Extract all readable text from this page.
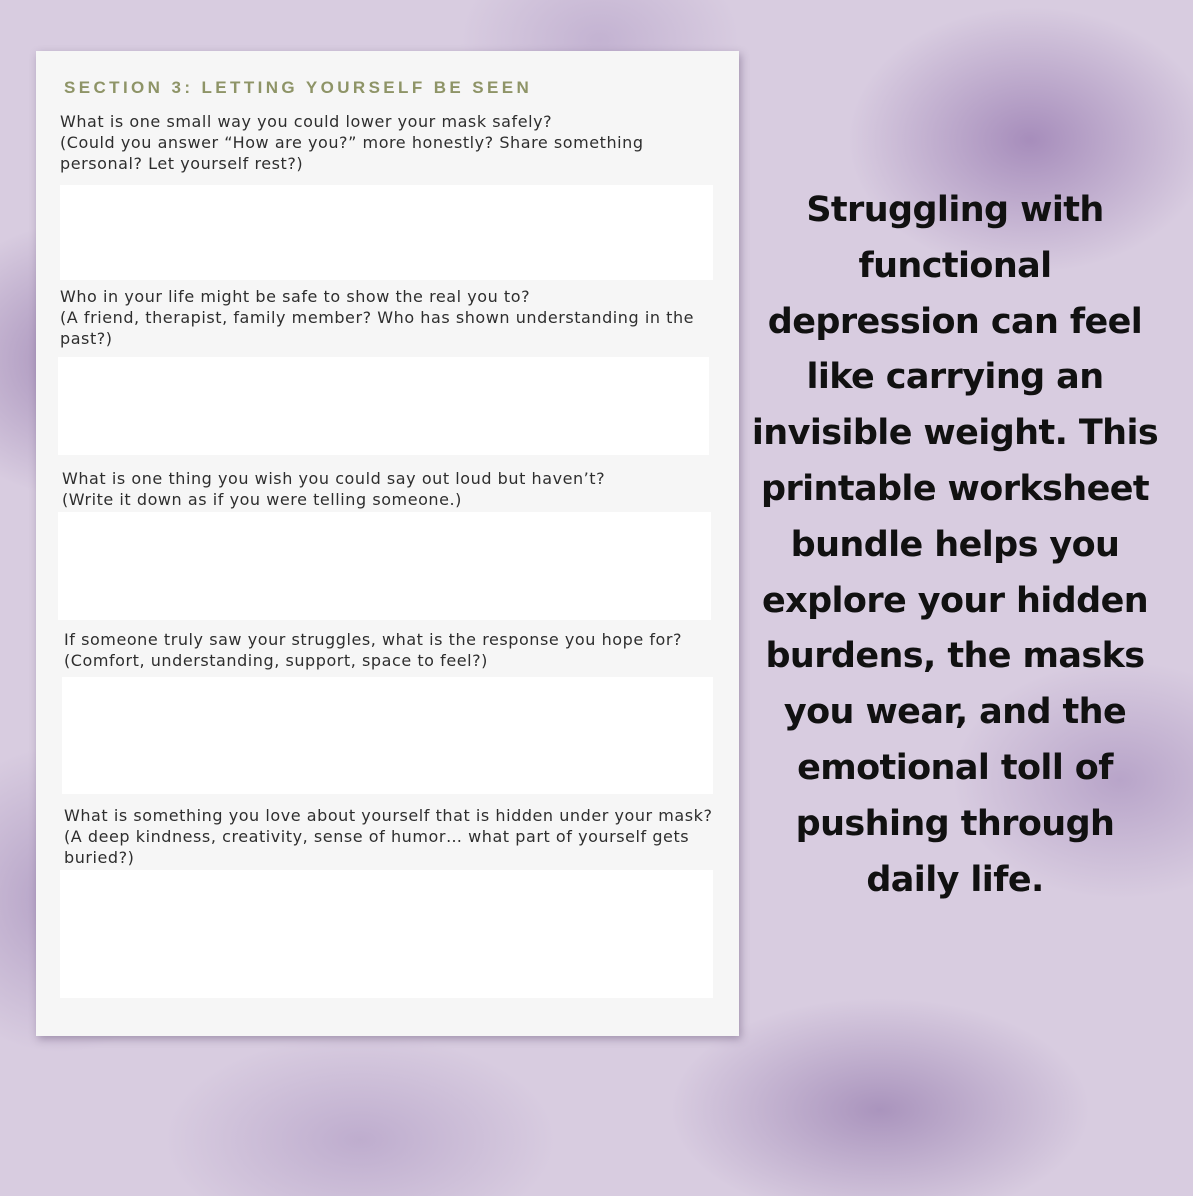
SECTION 3: LETTING YOURSELF BE SEEN

What is one small way you could lower your mask safely?
(Could you answer “How are you?” more honestly? Share something personal? Let yourself rest?)

Who in your life might be safe to show the real you to?
(A friend, therapist, family member? Who has shown understanding in the past?)

What is one thing you wish you could say out loud but haven’t?
(Write it down as if you were telling someone.)

If someone truly saw your struggles, what is the response you hope for? (Comfort, understanding, support, space to feel?)

What is something you love about yourself that is hidden under your mask? (A deep kindness, creativity, sense of humor… what part of yourself gets buried?)

Struggling with functional depression can feel like carrying an invisible weight. This printable worksheet bundle helps you explore your hidden burdens, the masks you wear, and the emotional toll of pushing through daily life.
